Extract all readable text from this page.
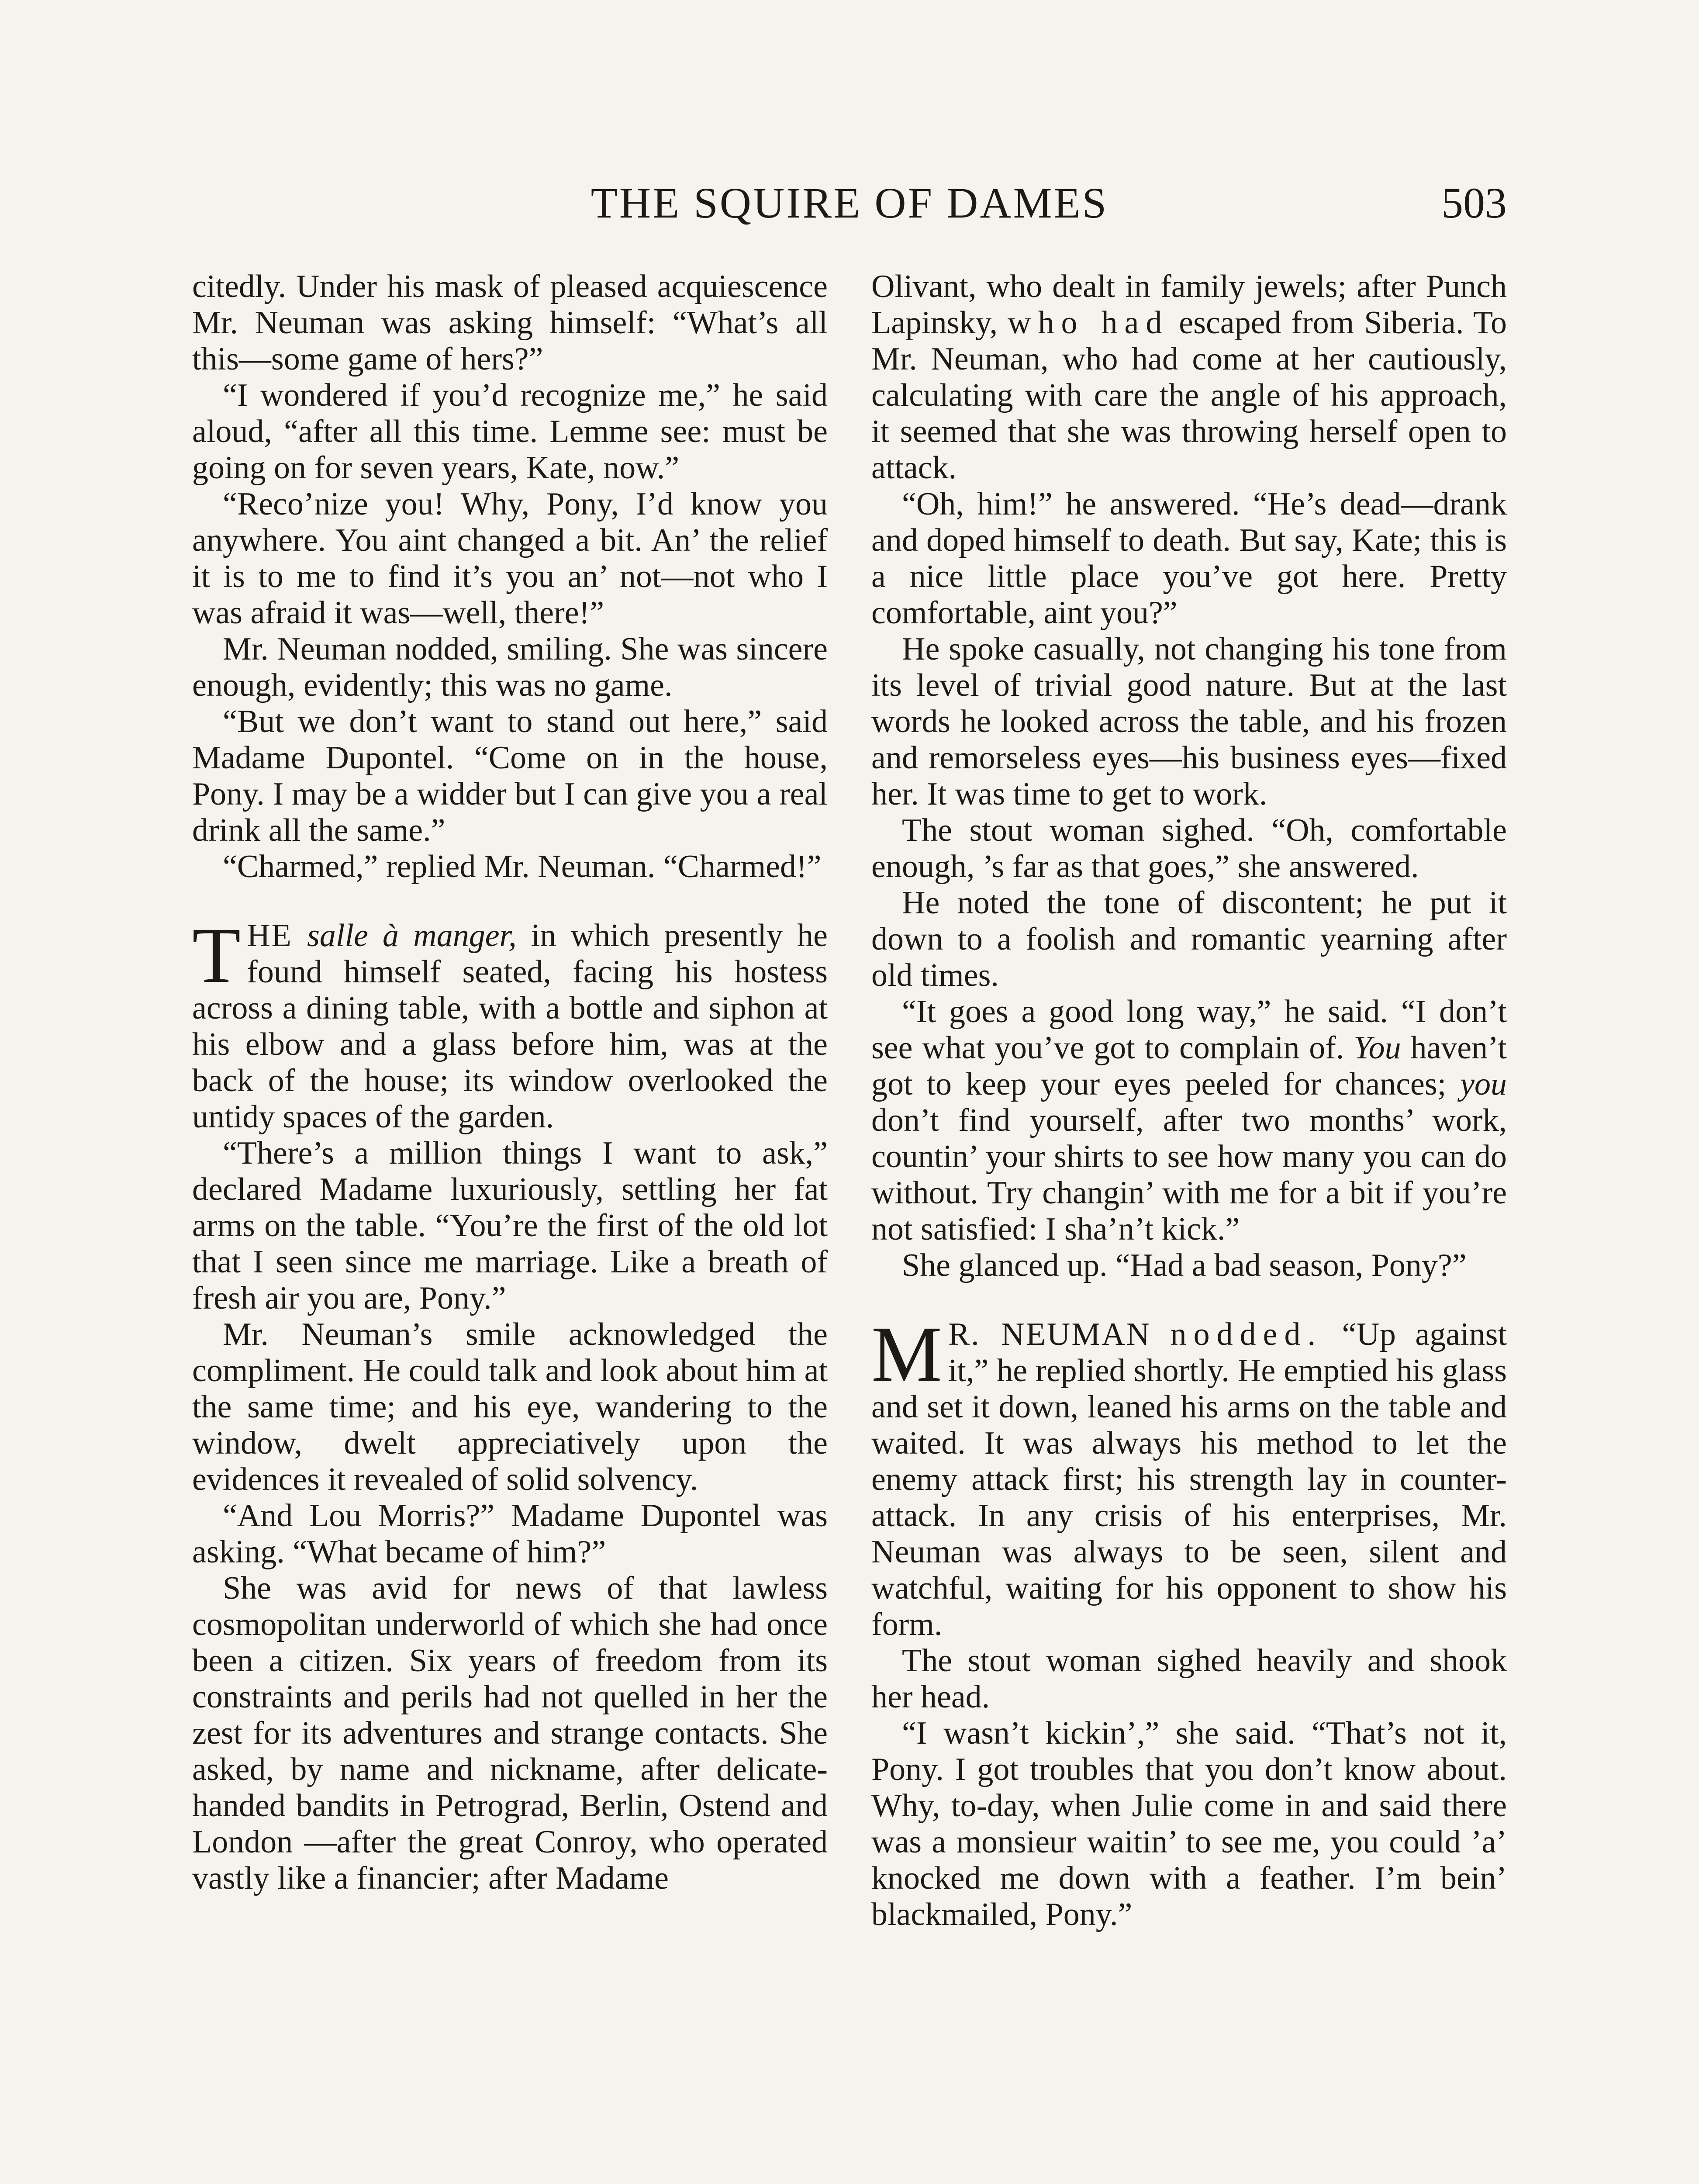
THE SQUIRE OF DAMES	503

citedly. Under his mask of pleased acquiescence Mr. Neuman was asking himself: “What’s all this—some game of hers?”

“I wondered if you’d recognize me,” he said aloud, “after all this time. Lemme see: must be going on for seven years, Kate, now.”

“Reco’nize you! Why, Pony, I’d know you anywhere. You aint changed a bit. An’ the relief it is to me to find it’s you an’ not—not who I was afraid it was—well, there!”

Mr. Neuman nodded, smiling. She was sincere enough, evidently; this was no game.

“But we don’t want to stand out here,” said Madame Dupontel. “Come on in the house, Pony. I may be a widder but I can give you a real drink all the same.”

“Charmed,” replied Mr. Neuman. “Charmed!”

THE salle à manger, in which presently he found himself seated, facing his hostess across a dining table, with a bottle and siphon at his elbow and a glass before him, was at the back of the house; its window overlooked the untidy spaces of the garden.

“There’s a million things I want to ask,” declared Madame luxuriously, settling her fat arms on the table. “You’re the first of the old lot that I seen since me marriage. Like a breath of fresh air you are, Pony.”

Mr. Neuman’s smile acknowledged the compliment. He could talk and look about him at the same time; and his eye, wandering to the window, dwelt appreciatively upon the evidences it revealed of solid solvency.

“And Lou Morris?” Madame Dupontel was asking. “What became of him?”

She was avid for news of that lawless cosmopolitan underworld of which she had once been a citizen. Six years of freedom from its constraints and perils had not quelled in her the zest for its adventures and strange contacts. She asked, by name and nickname, after delicate-handed bandits in Petrograd, Berlin, Ostend and London —after the great Conroy, who operated vastly like a financier; after Madame

Olivant, who dealt in family jewels; after Punch Lapinsky, who had escaped from Siberia. To Mr. Neuman, who had come at her cautiously, calculating with care the angle of his approach, it seemed that she was throwing herself open to attack.

“Oh, him!” he answered. “He’s dead—drank and doped himself to death. But say, Kate; this is a nice little place you’ve got here. Pretty comfortable, aint you?”

He spoke casually, not changing his tone from its level of trivial good nature. But at the last words he looked across the table, and his frozen and remorseless eyes—his business eyes—fixed her. It was time to get to work.

The stout woman sighed. “Oh, comfortable enough, ’s far as that goes,” she answered.

He noted the tone of discontent; he put it down to a foolish and romantic yearning after old times.

“It goes a good long way,” he said. “I don’t see what you’ve got to complain of. You haven’t got to keep your eyes peeled for chances; you don’t find yourself, after two months’ work, countin’ your shirts to see how many you can do without. Try changin’ with me for a bit if you’re not satisfied: I sha’n’t kick.”

She glanced up. “Had a bad season, Pony?”

M R. NEUMAN nodded. “Up against it,” he replied shortly. He emptied his glass and set it down, leaned his arms on the table and waited. It was always his method to let the enemy attack first; his strength lay in counter-attack. In any crisis of his enterprises, Mr. Neuman was always to be seen, silent and watchful, waiting for his opponent to show his form.

The stout woman sighed heavily and shook her head.

“I wasn’t kickin’,” she said. “That’s not it, Pony. I got troubles that you don’t know about. Why, to-day, when Julie come in and said there was a monsieur waitin’ to see me, you could ’a’ knocked me down with a feather. I’m bein’ blackmailed, Pony.”
